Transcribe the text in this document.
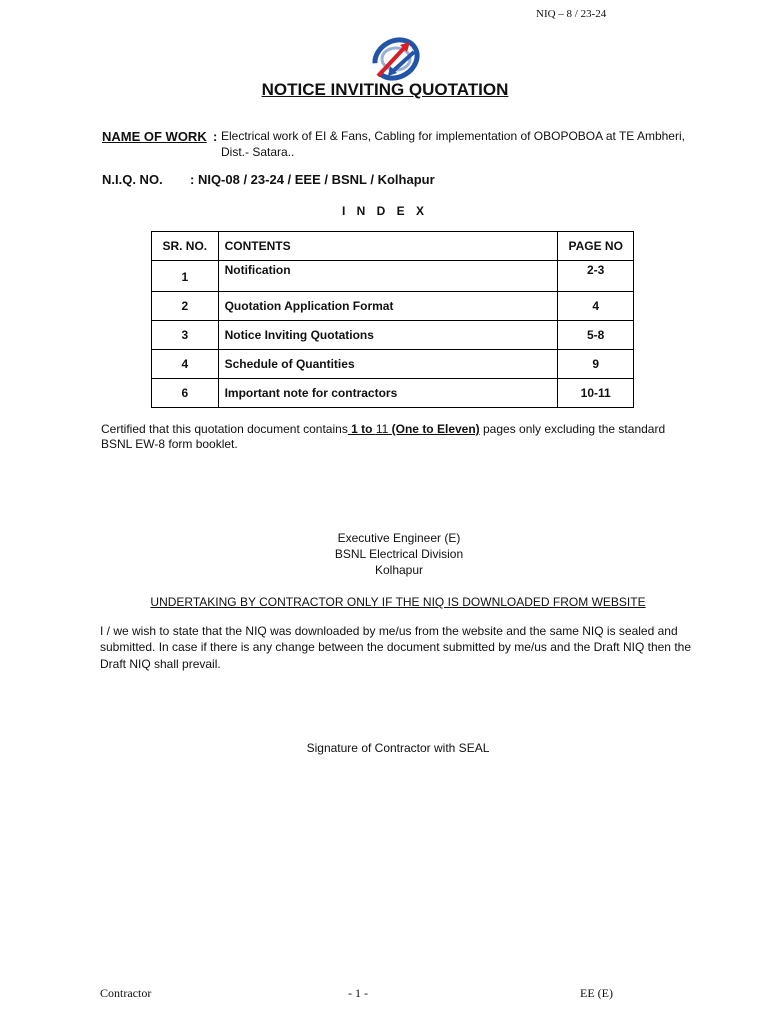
NIQ – 8 / 23-24
NOTICE INVITING QUOTATION
NAME OF WORK : Electrical work of EI & Fans, Cabling for implementation of OBOPOBOA at TE Ambheri,
Dist.- Satara..
N.I.Q. NO. : NIQ-08 / 23-24 / EEE / BSNL / Kolhapur
I N D E X
SR. NO.	CONTENTS	PAGE NO
1	Notification	2-3
2	Quotation Application Format	4
3	Notice Inviting Quotations	5-8
4	Schedule of Quantities	9
6	Important note for contractors	10-11
Certified that this quotation document contains 1 to 11 (One to Eleven) pages only excluding the standard
BSNL EW-8 form booklet.
Executive Engineer (E)
BSNL Electrical Division
Kolhapur
UNDERTAKING BY CONTRACTOR ONLY IF THE NIQ IS DOWNLOADED FROM WEBSITE
I / we wish to state that the NIQ was downloaded by me/us from the website and the same NIQ is sealed and
submitted. In case if there is any change between the document submitted by me/us and the Draft NIQ then the
Draft NIQ shall prevail.
Signature of Contractor with SEAL
Contractor	- 1 -	EE (E)
